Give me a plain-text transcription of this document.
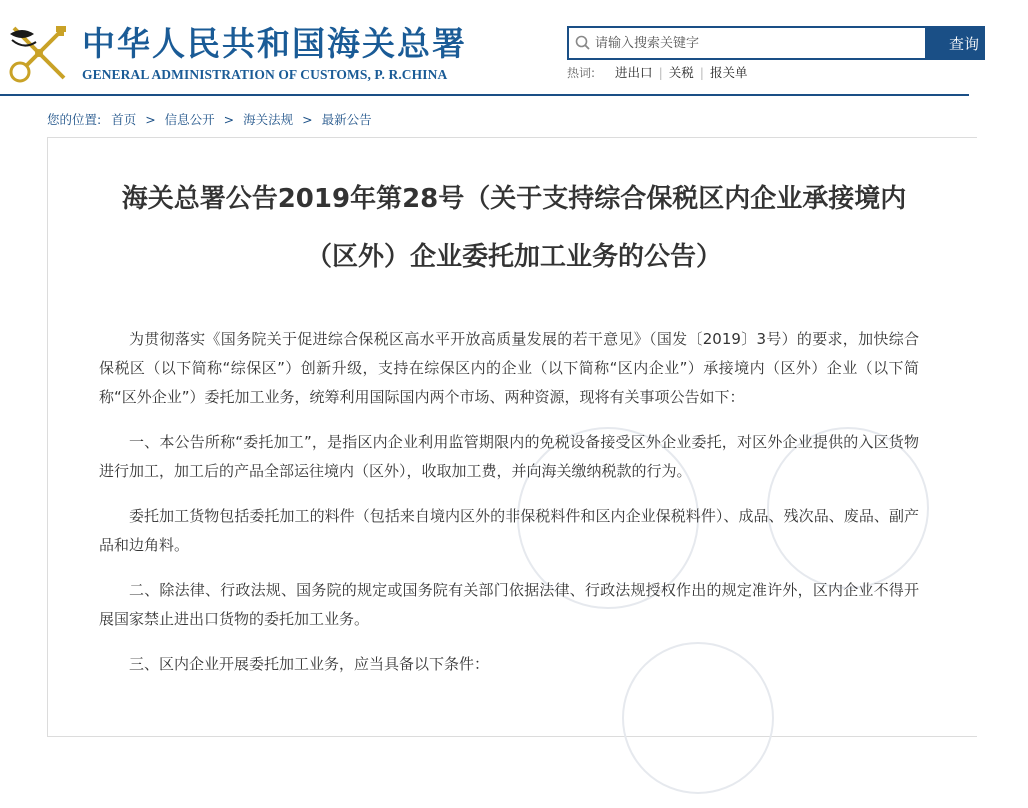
中华人民共和国海关总署
GENERAL ADMINISTRATION OF CUSTOMS, P. R.CHINA
请输入搜索关键字
查询
热词:	进出口 | 关税 | 报关单
您的位置: 首页 > 信息公开 > 海关法规 > 最新公告
海关总署公告2019年第28号（关于支持综合保税区内企业承接境内（区外）企业委托加工业务的公告）

为贯彻落实《国务院关于促进综合保税区高水平开放高质量发展的若干意见》（国发〔2019〕3号）的要求，加快综合保税区（以下简称“综保区”）创新升级，支持在综保区内的企业（以下简称“区内企业”）承接境内（区外）企业（以下简称“区外企业”）委托加工业务，统筹利用国际国内两个市场、两种资源，现将有关事项公告如下：

一、本公告所称“委托加工”，是指区内企业利用监管期限内的免税设备接受区外企业委托，对区外企业提供的入区货物进行加工，加工后的产品全部运往境内（区外），收取加工费，并向海关缴纳税款的行为。

委托加工货物包括委托加工的料件（包括来自境内区外的非保税料件和区内企业保税料件）、成品、残次品、废品、副产品和边角料。

二、除法律、行政法规、国务院的规定或国务院有关部门依据法律、行政法规授权作出的规定准许外，区内企业不得开展国家禁止进出口货物的委托加工业务。

三、区内企业开展委托加工业务，应当具备以下条件：
